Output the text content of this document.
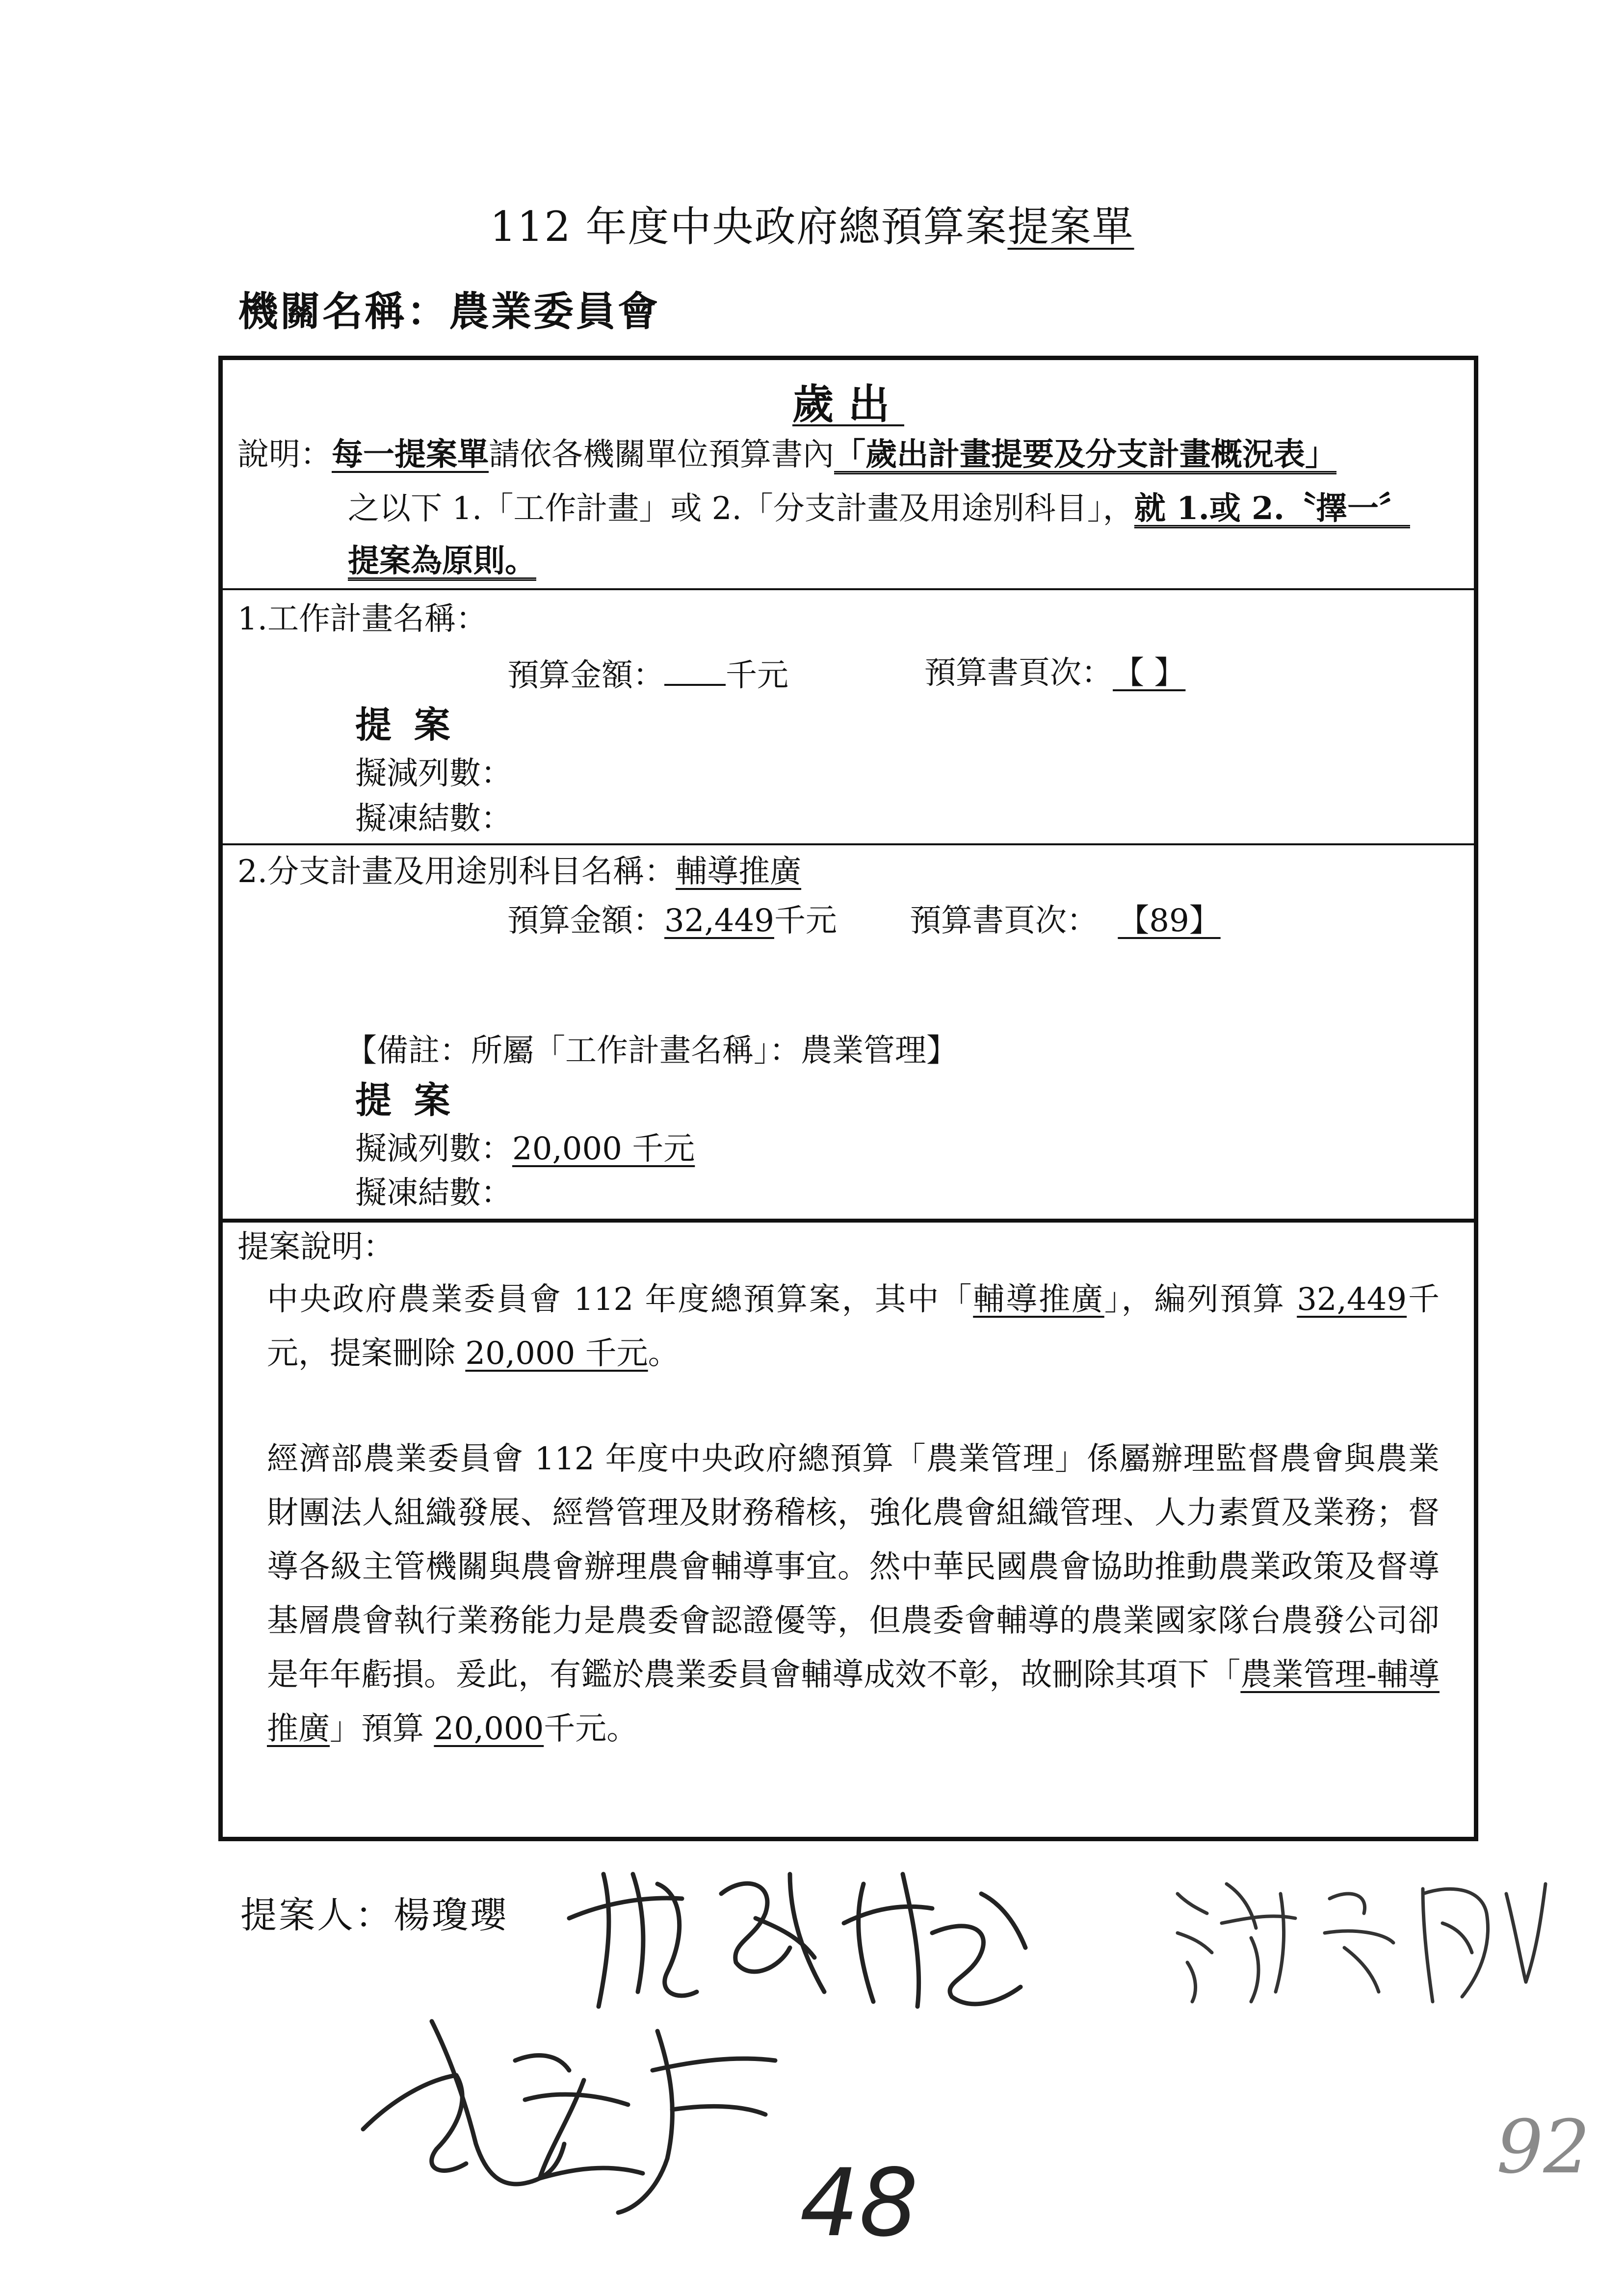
112 年度中央政府總預算案提案單
機關名稱：農業委員會
歲出
說明：每一提案單請依各機關單位預算書內「歲出計畫提要及分支計畫概況表」
之以下 1.「工作計畫」或 2.「分支計畫及用途別科目」，就 1.或 2.〝擇一〞
提案為原則。
1.工作計畫名稱：
預算金額： 千元	預算書頁次：【 】
提 案
擬減列數：
擬凍結數：
2.分支計畫及用途別科目名稱：輔導推廣
預算金額：32,449千元 預算書頁次： 【89】
【備註：所屬「工作計畫名稱」：農業管理】
提 案
擬減列數：20,000 千元
擬凍結數：
提案說明：
中央政府農業委員會 112 年度總預算案，其中「輔導推廣」，編列預算 32,449千元，提案刪除 20,000 千元。
經濟部農業委員會 112 年度中央政府總預算「農業管理」係屬辦理監督農會與農業財團法人組織發展、經營管理及財務稽核，強化農會組織管理、人力素質及業務；督導各級主管機關與農會辦理農會輔導事宜。然中華民國農會協助推動農業政策及督導基層農會執行業務能力是農委會認證優等，但農委會輔導的農業國家隊台農發公司卻是年年虧損。爰此，有鑑於農業委員會輔導成效不彰，故刪除其項下「農業管理-輔導推廣」預算 20,000千元。
提案人：楊瓊瓔
48
92
